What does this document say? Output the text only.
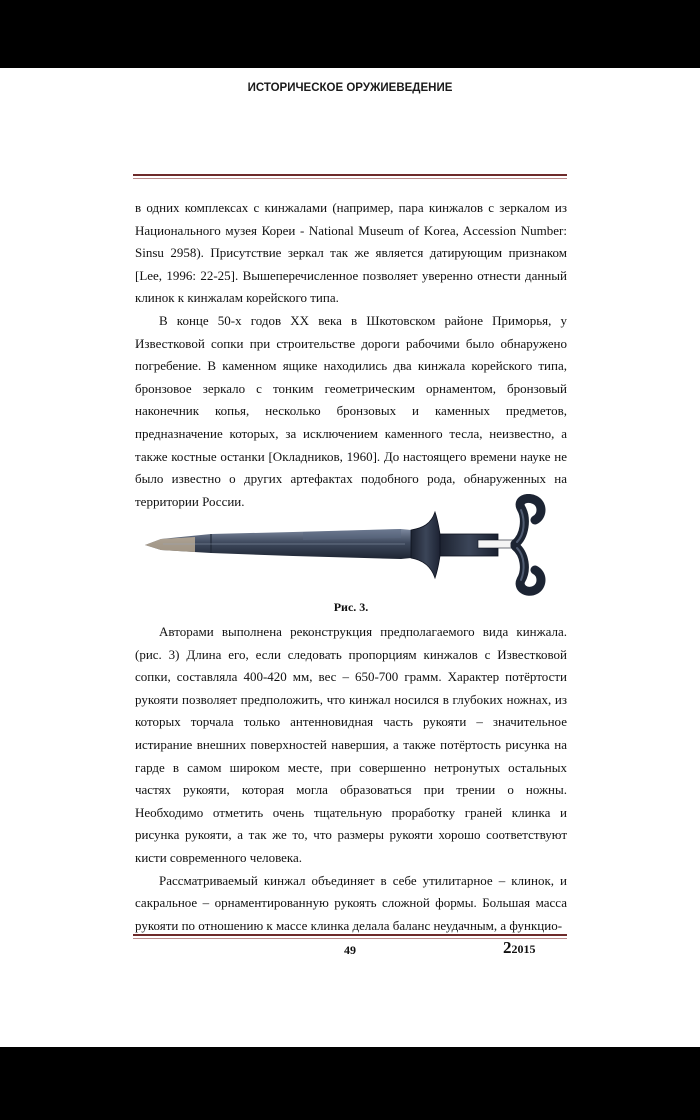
ИСТОРИЧЕСКОЕ ОРУЖИЕВЕДЕНИЕ

в одних комплексах с кинжалами (например, пара кинжалов с зеркалом из Национального музея Кореи - National Museum of Korea, Accession Number: Sinsu 2958). Присутствие зеркал так же является датирующим признаком [Lee, 1996: 22-25]. Вышеперечисленное позволяет уверенно отнести данный клинок к кинжалам корейского типа.

В конце 50-х годов XX века в Шкотовском районе Приморья, у Известковой сопки при строительстве дороги рабочими было обнаружено погребение. В каменном ящике находились два кинжала корейского типа, бронзовое зеркало с тонким геометрическим орнаментом, бронзовый наконечник копья, несколько бронзовых и каменных предметов, предназначение которых, за исключением каменного тесла, неизвестно, а также костные останки [Окладников, 1960]. До настоящего времени науке не было известно о других артефактах подобного рода, обнаруженных на территории России.

Рис. 3.

Авторами выполнена реконструкция предполагаемого вида кинжала. (рис. 3) Длина его, если следовать пропорциям кинжалов с Известковой сопки, составляла 400-420 мм, вес – 650-700 грамм. Характер потёртости рукояти позволяет предположить, что кинжал носился в глубоких ножнах, из которых торчала только антенновидная часть рукояти – значительное истирание внешних поверхностей навершия, а также потёртость рисунка на гарде в самом широком месте, при совершенно нетронутых остальных частях рукояти, которая могла образоваться при трении о ножны. Необходимо отметить очень тщательную проработку граней клинка и рисунка рукояти, а так же то, что размеры рукояти хорошо соответствуют кисти современного человека.

Рассматриваемый кинжал объединяет в себе утилитарное – клинок, и сакральное – орнаментированную рукоять сложной формы. Большая масса рукояти по отношению к массе клинка делала баланс неудачным, а функцио-

49	22015
